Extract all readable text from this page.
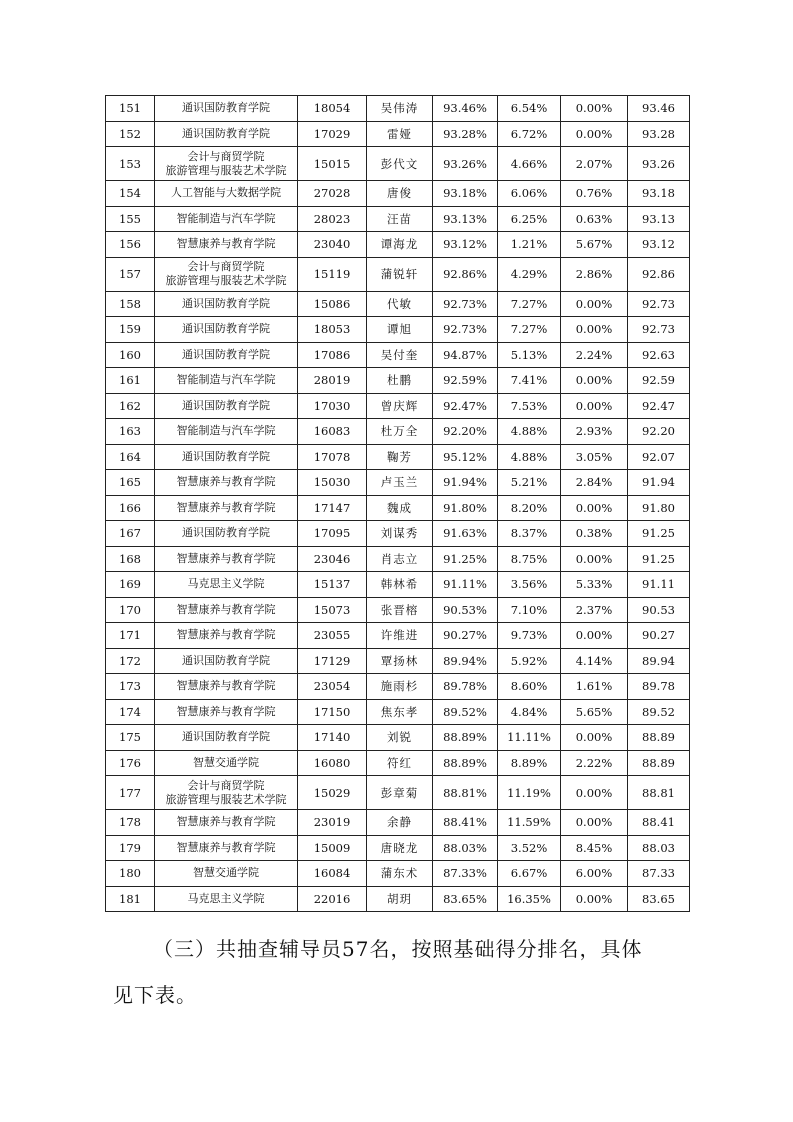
151	通识国防教育学院	18054	吴伟涛	93.46%	6.54%	0.00%	93.46
152	通识国防教育学院	17029	雷娅	93.28%	6.72%	0.00%	93.28
153	会计与商贸学院
旅游管理与服装艺术学院	15015	彭代文	93.26%	4.66%	2.07%	93.26
154	人工智能与大数据学院	27028	唐俊	93.18%	6.06%	0.76%	93.18
155	智能制造与汽车学院	28023	汪苗	93.13%	6.25%	0.63%	93.13
156	智慧康养与教育学院	23040	谭海龙	93.12%	1.21%	5.67%	93.12
157	会计与商贸学院
旅游管理与服装艺术学院	15119	蒲锐轩	92.86%	4.29%	2.86%	92.86
158	通识国防教育学院	15086	代敏	92.73%	7.27%	0.00%	92.73
159	通识国防教育学院	18053	谭旭	92.73%	7.27%	0.00%	92.73
160	通识国防教育学院	17086	吴付奎	94.87%	5.13%	2.24%	92.63
161	智能制造与汽车学院	28019	杜鹏	92.59%	7.41%	0.00%	92.59
162	通识国防教育学院	17030	曾庆辉	92.47%	7.53%	0.00%	92.47
163	智能制造与汽车学院	16083	杜万全	92.20%	4.88%	2.93%	92.20
164	通识国防教育学院	17078	鞠芳	95.12%	4.88%	3.05%	92.07
165	智慧康养与教育学院	15030	卢玉兰	91.94%	5.21%	2.84%	91.94
166	智慧康养与教育学院	17147	魏成	91.80%	8.20%	0.00%	91.80
167	通识国防教育学院	17095	刘谋秀	91.63%	8.37%	0.38%	91.25
168	智慧康养与教育学院	23046	肖志立	91.25%	8.75%	0.00%	91.25
169	马克思主义学院	15137	韩林希	91.11%	3.56%	5.33%	91.11
170	智慧康养与教育学院	15073	张晋榕	90.53%	7.10%	2.37%	90.53
171	智慧康养与教育学院	23055	许维进	90.27%	9.73%	0.00%	90.27
172	通识国防教育学院	17129	覃扬林	89.94%	5.92%	4.14%	89.94
173	智慧康养与教育学院	23054	施雨杉	89.78%	8.60%	1.61%	89.78
174	智慧康养与教育学院	17150	焦东孝	89.52%	4.84%	5.65%	89.52
175	通识国防教育学院	17140	刘锐	88.89%	11.11%	0.00%	88.89
176	智慧交通学院	16080	符红	88.89%	8.89%	2.22%	88.89
177	会计与商贸学院
旅游管理与服装艺术学院	15029	彭章菊	88.81%	11.19%	0.00%	88.81
178	智慧康养与教育学院	23019	余静	88.41%	11.59%	0.00%	88.41
179	智慧康养与教育学院	15009	唐晓龙	88.03%	3.52%	8.45%	88.03
180	智慧交通学院	16084	蒲东术	87.33%	6.67%	6.00%	87.33
181	马克思主义学院	22016	胡玥	83.65%	16.35%	0.00%	83.65

（三）共抽查辅导员57名，按照基础得分排名，具体

见下表。
